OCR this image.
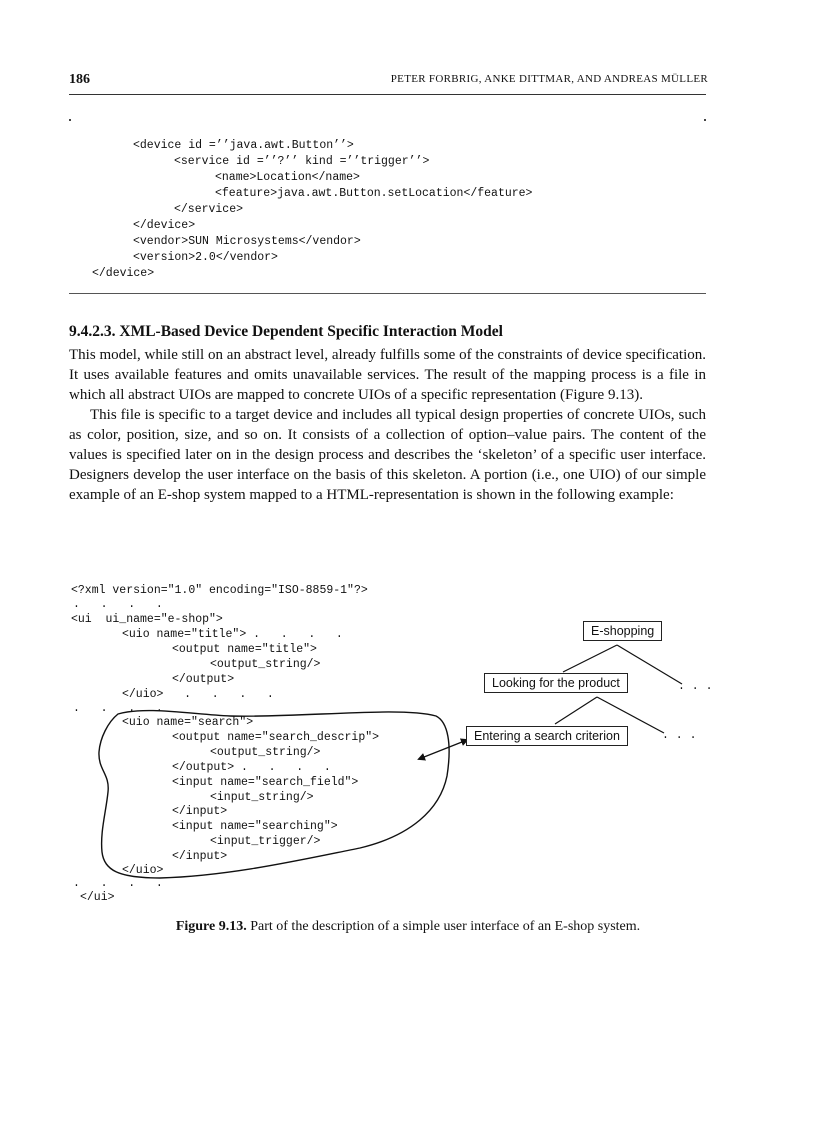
186	PETER FORBRIG, ANKE DITTMAR, AND ANDREAS MÜLLER

<device id =’’java.awt.Button’’>

<service id =’’?’’ kind =’’trigger’’>

<name>Location</name>

<feature>java.awt.Button.setLocation</feature>

</service>

</device>

<vendor>SUN Microsystems</vendor>

<version>2.0</vendor>

</device>

9.4.2.3. XML-Based Device Dependent Specific Interaction Model

This model, while still on an abstract level, already fulfills some of the constraints of device specification. It uses available features and omits unavailable services. The result of the mapping process is a file in which all abstract UIOs are mapped to concrete UIOs of a specific representation (Figure 9.13).

This file is specific to a target device and includes all typical design properties of concrete UIOs, such as color, position, size, and so on. It consists of a collection of option–value pairs. The content of the values is specified later on in the design process and describes the ‘skeleton’ of a specific user interface. Designers develop the user interface on the basis of this skeleton. A portion (i.e., one UIO) of our simple example of an E-shop system mapped to a HTML-representation is shown in the following example:

<?xml version="1.0" encoding="ISO-8859-1"?>

.   .   .   .

<ui  ui_name="e-shop">

<uio name="title"> .   .   .   .

<output name="title">

<output_string/>

</output>

</uio>   .   .   .   .

.   .   .   .

<uio name="search">

<output name="search_descrip">

<output_string/>

</output> .   .   .   .

<input name="search_field">

<input_string/>

</input>

<input name="searching">

<input_trigger/>

</input>

</uio>

.   .   .   .

</ui>

E-shopping
Looking for the product
Entering a search criterion
. . .
. . .
Figure 9.13. Part of the description of a simple user interface of an E-shop system.
